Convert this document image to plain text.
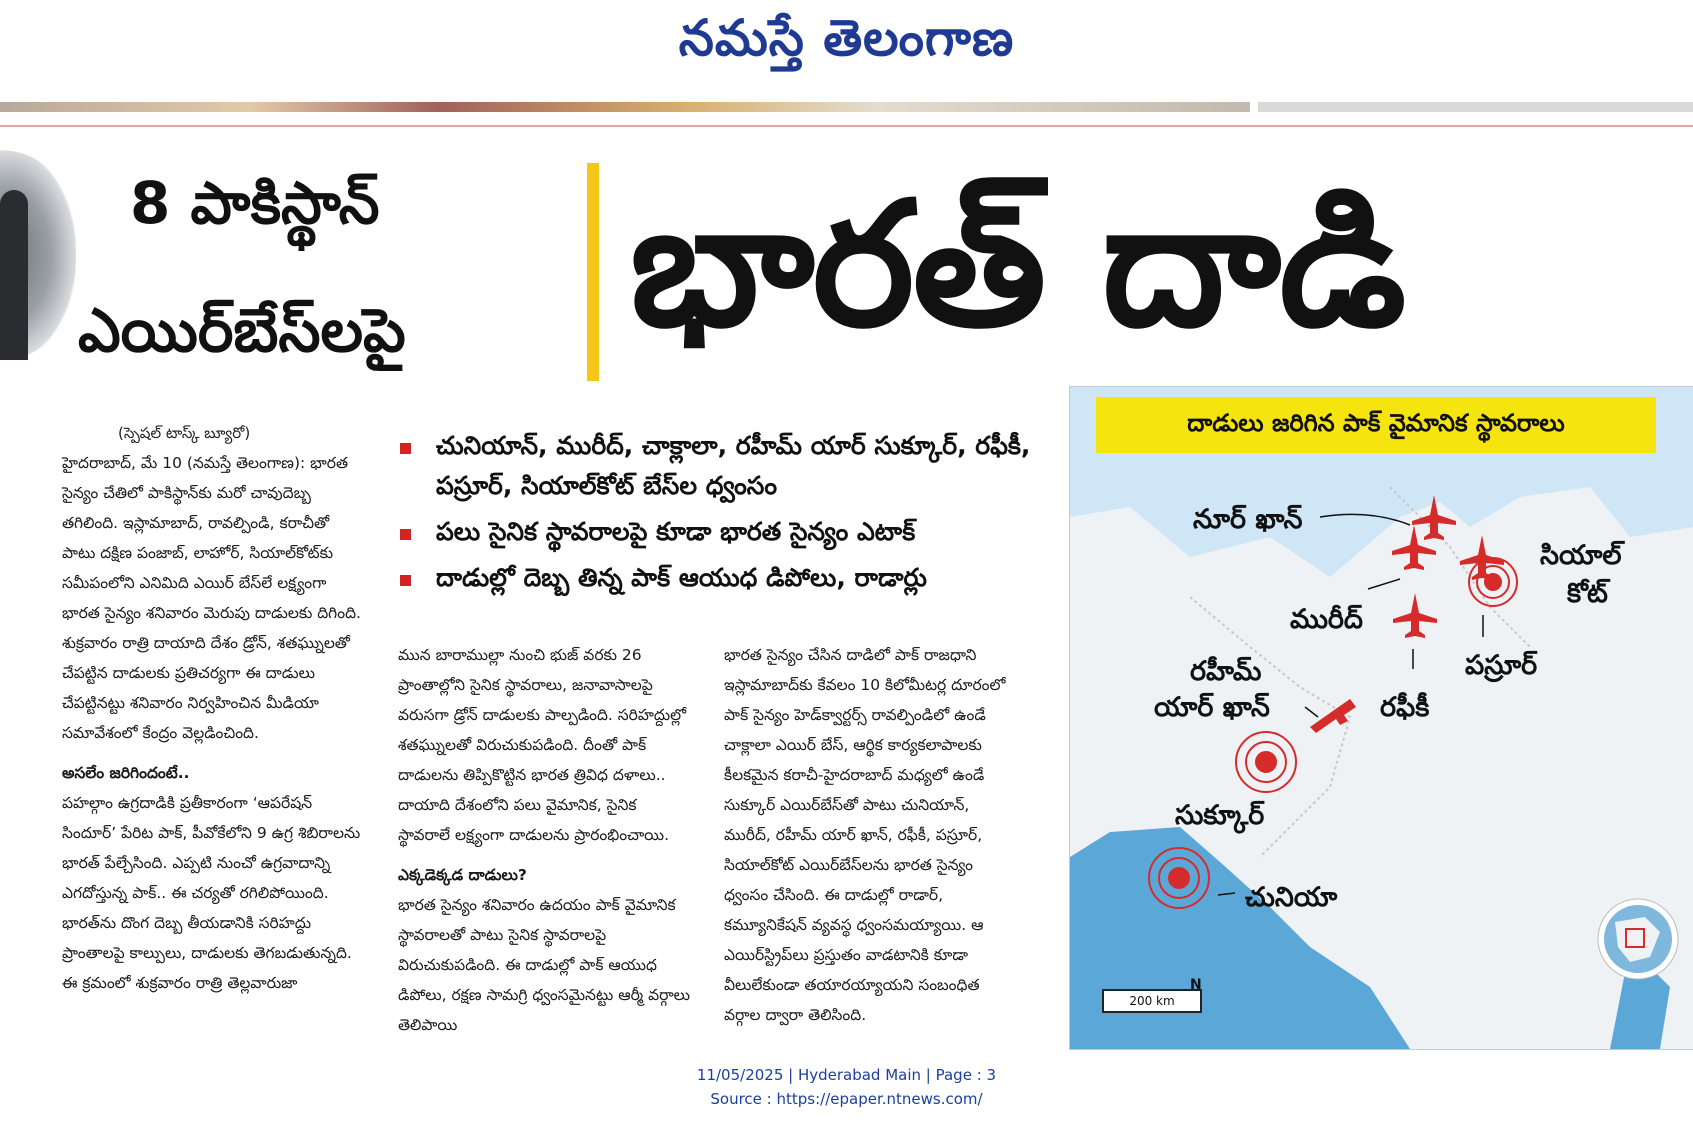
నమస్తే తెలంగాణ
8 పాకిస్థాన్
ఎయిర్‌బేస్‌లపై భారత్ దాడి
(స్పెషల్ టాస్క్ బ్యూరో)	చునియాన్, మురీద్, చాక్లాలా, రహీమ్ యార్ సుక్కూర్, రఫీకీ, పస్రూర్, సియాల్‌కోట్ బేస్‌ల ధ్వంసం
పలు సైనిక స్థావరాలపై కూడా భారత సైన్యం ఎటాక్
దాడుల్లో దెబ్బ తిన్న పాక్ ఆయుధ డిపోలు, రాడార్లు

హైదరాబాద్, మే 10 (నమస్తే తెలంగాణ): భారత సైన్యం చేతిలో పాకిస్థాన్‌కు మరో చావుదెబ్బ తగిలింది. ఇస్లామాబాద్, రావల్పిండి, కరాచీతో పాటు దక్షిణ పంజాబ్, లాహోర్, సియాల్‌కోట్‌కు సమీపంలోని ఎనిమిది ఎయిర్ బేస్‌లే లక్ష్యంగా భారత సైన్యం శనివారం మెరుపు దాడులకు దిగింది. శుక్రవారం రాత్రి దాయాది దేశం డ్రోన్, శతఘ్నులతో చేపట్టిన దాడులకు ప్రతిచర్యగా ఈ దాడులు చేపట్టినట్టు శనివారం నిర్వహించిన మీడియా సమావేశంలో కేంద్రం వెల్లడించింది.

అసలేం జరిగిందంటే..

పహల్గాం ఉగ్రదాడికి ప్రతీకారంగా ‘ఆపరేషన్ సిందూర్’ పేరిట పాక్, పీవోకేలోని 9 ఉగ్ర శిబిరాలను భారత్ పేల్చేసింది. ఎప్పటి నుంచో ఉగ్రవాదాన్ని ఎగదోస్తున్న పాక్.. ఈ చర్యతో రగిలిపోయింది. భారత్‌ను దొంగ దెబ్బ తీయడానికి సరిహద్దు ప్రాంతాలపై కాల్పులు, దాడులకు తెగబడుతున్నది. ఈ క్రమంలో శుక్రవారం రాత్రి తెల్లవారుజా

మున బారాముల్లా నుంచి భుజ్ వరకు 26 ప్రాంతాల్లోని సైనిక స్థావరాలు, జనావాసాలపై వరుసగా డ్రోన్ దాడులకు పాల్పడింది. సరిహద్దుల్లో శతఘ్నులతో విరుచుకుపడింది. దీంతో పాక్ దాడులను తిప్పికొట్టిన భారత త్రివిధ దళాలు.. దాయాది దేశంలోని పలు వైమానిక, సైనిక స్థావరాలే లక్ష్యంగా దాడులను ప్రారంభించాయి.

ఎక్కడెక్కడ దాడులు?

భారత సైన్యం శనివారం ఉదయం పాక్ వైమానిక స్థావరాలతో పాటు సైనిక స్థావరాలపై విరుచుకుపడింది. ఈ దాడుల్లో పాక్ ఆయుధ డిపోలు, రక్షణ సామగ్రి ధ్వంసమైనట్టు ఆర్మీ వర్గాలు తెలిపాయి

భారత సైన్యం చేసిన దాడిలో పాక్ రాజధాని ఇస్లామాబాద్‌కు కేవలం 10 కిలోమీటర్ల దూరంలో పాక్ సైన్యం హెడ్‌క్వార్టర్స్ రావల్పిండిలో ఉండే చాక్లాలా ఎయిర్ బేస్, ఆర్థిక కార్యకలాపాలకు కీలకమైన కరాచీ-హైదరాబాద్ మధ్యలో ఉండే సుక్కూర్ ఎయిర్‌బేస్‌తో పాటు చునియాన్, మురీద్, రహీమ్ యార్ ఖాన్, రఫీకీ, పస్రూర్, సియాల్‌కోట్ ఎయిర్‌బేస్‌లను భారత సైన్యం ధ్వంసం చేసింది. ఈ దాడుల్లో రాడార్, కమ్యూనికేషన్ వ్యవస్థ ధ్వంసమయ్యాయి. ఆ ఎయిర్‌స్ట్రిప్‌లు ప్రస్తుతం వాడటానికి కూడా వీలులేకుండా తయారయ్యాయని సంబంధిత వర్గాల ద్వారా తెలిసింది.

దాడులు జరిగిన పాక్ వైమానిక స్థావరాలు
నూర్ ఖాన్
సియాల్
కోట్
మురీద్
పస్రూర్
రహీమ్
యార్ ఖాన్	రఫీకీ
సుక్కూర్
చునియా
200 km
N
11/05/2025 | Hyderabad Main | Page : 3
Source : https://epaper.ntnews.com/
